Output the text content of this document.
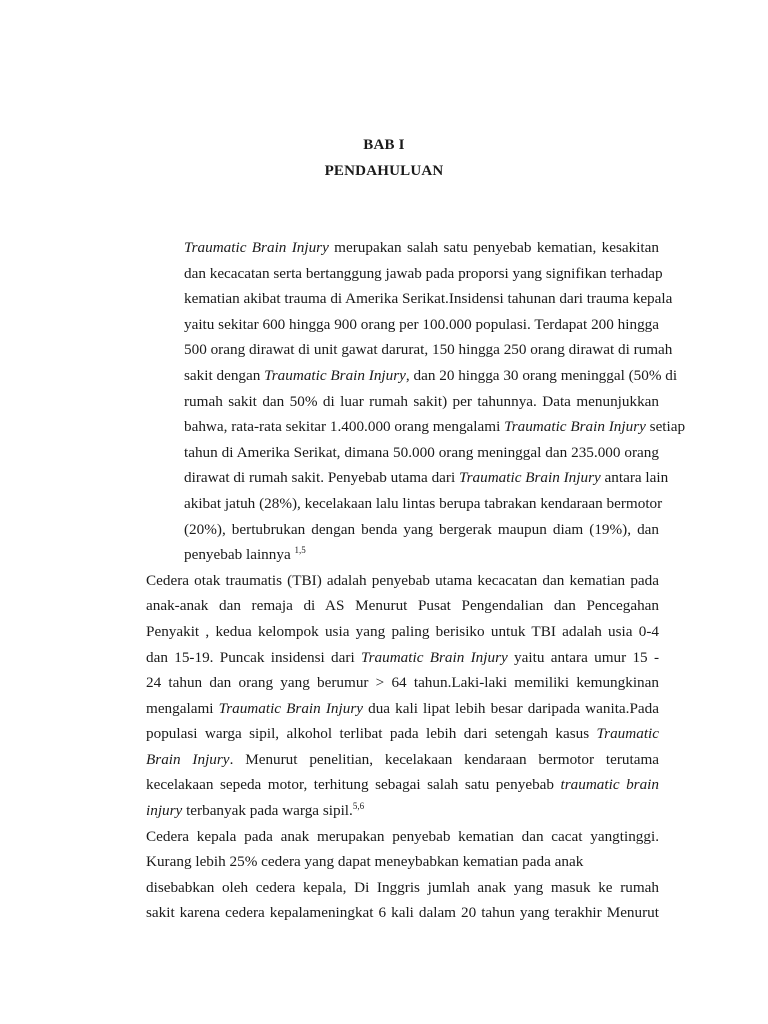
BAB I
PENDAHULUAN
Traumatic Brain Injury merupakan salah satu penyebab kematian, kesakitan
dan kecacatan serta bertanggung jawab pada proporsi yang signifikan terhadap
kematian akibat trauma di Amerika Serikat.Insidensi tahunan dari trauma kepala
yaitu sekitar 600 hingga 900 orang per 100.000 populasi. Terdapat 200 hingga
500 orang dirawat di unit gawat darurat, 150 hingga 250 orang dirawat di rumah
sakit dengan Traumatic Brain Injury, dan 20 hingga 30 orang meninggal (50% di
rumah sakit dan 50% di luar rumah sakit) per tahunnya. Data menunjukkan
bahwa, rata-rata sekitar 1.400.000 orang mengalami Traumatic Brain Injury setiap
tahun di Amerika Serikat, dimana 50.000 orang meninggal dan 235.000 orang
dirawat di rumah sakit. Penyebab utama dari Traumatic Brain Injury antara lain
akibat jatuh (28%), kecelakaan lalu lintas berupa tabrakan kendaraan bermotor
(20%), bertubrukan dengan benda yang bergerak maupun diam (19%), dan
penyebab lainnya $^{1,5}$
Cedera otak traumatis (TBI) adalah penyebab utama kecacatan dan kematian pada
anak-anak dan remaja di AS Menurut Pusat Pengendalian dan Pencegahan
Penyakit , kedua kelompok usia yang paling berisiko untuk TBI adalah usia 0-4
dan 15-19. Puncak insidensi dari Traumatic Brain Injury yaitu antara umur 15 -
24 tahun dan orang yang berumur > 64 tahun.Laki-laki memiliki kemungkinan
mengalami Traumatic Brain Injury dua kali lipat lebih besar daripada wanita.Pada
populasi warga sipil, alkohol terlibat pada lebih dari setengah kasus Traumatic
Brain Injury. Menurut penelitian, kecelakaan kendaraan bermotor terutama
kecelakaan sepeda motor, terhitung sebagai salah satu penyebab traumatic brain
injury terbanyak pada warga sipil.$^{5,6}$
Cedera kepala pada anak merupakan penyebab kematian dan cacat yangtinggi.
Kurang lebih 25% cedera yang dapat meneybabkan kematian pada anak
disebabkan oleh cedera kepala, Di Inggris jumlah anak yang masuk ke rumah
sakit karena cedera kepalameningkat 6 kali dalam 20 tahun yang terakhir Menurut
